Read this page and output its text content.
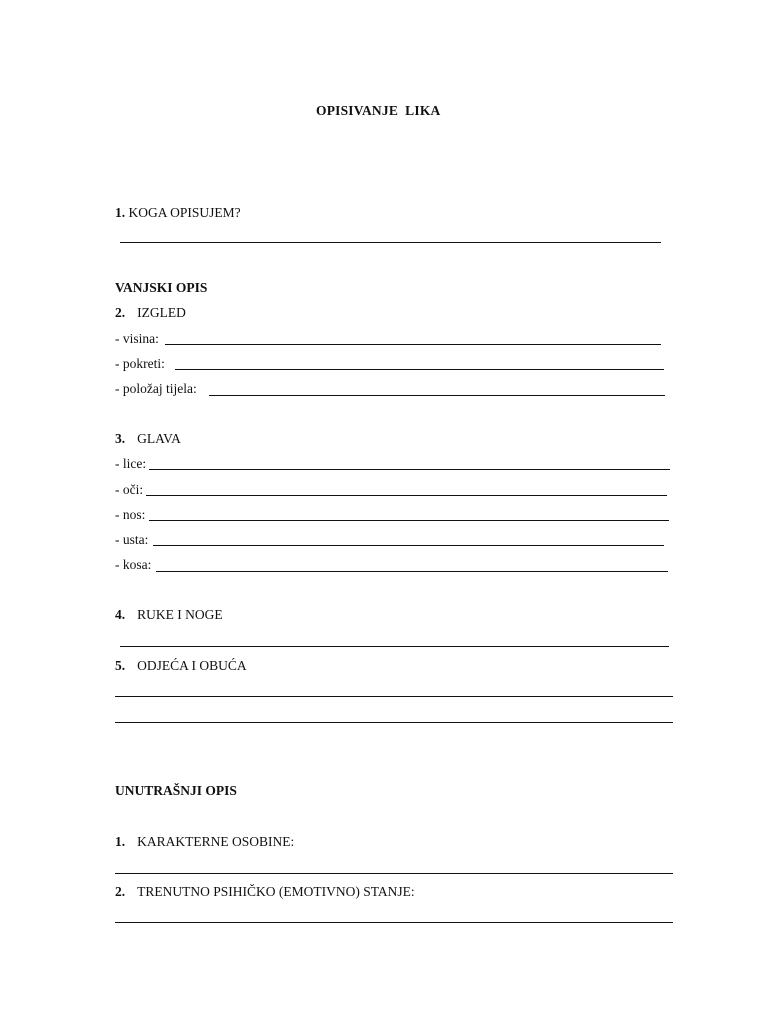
OPISIVANJE  LIKA
1. KOGA OPISUJEM?
VANJSKI OPIS
2. IZGLED
- visina:
- pokreti:
- položaj tijela:
3. GLAVA
- lice:
- oči:
- nos:
- usta:
- kosa:
4. RUKE I NOGE
5. ODJEĆA I OBUĆA
UNUTRAŠNJI OPIS
1. KARAKTERNE OSOBINE:
2. TRENUTNO PSIHIČKO (EMOTIVNO) STANJE:
